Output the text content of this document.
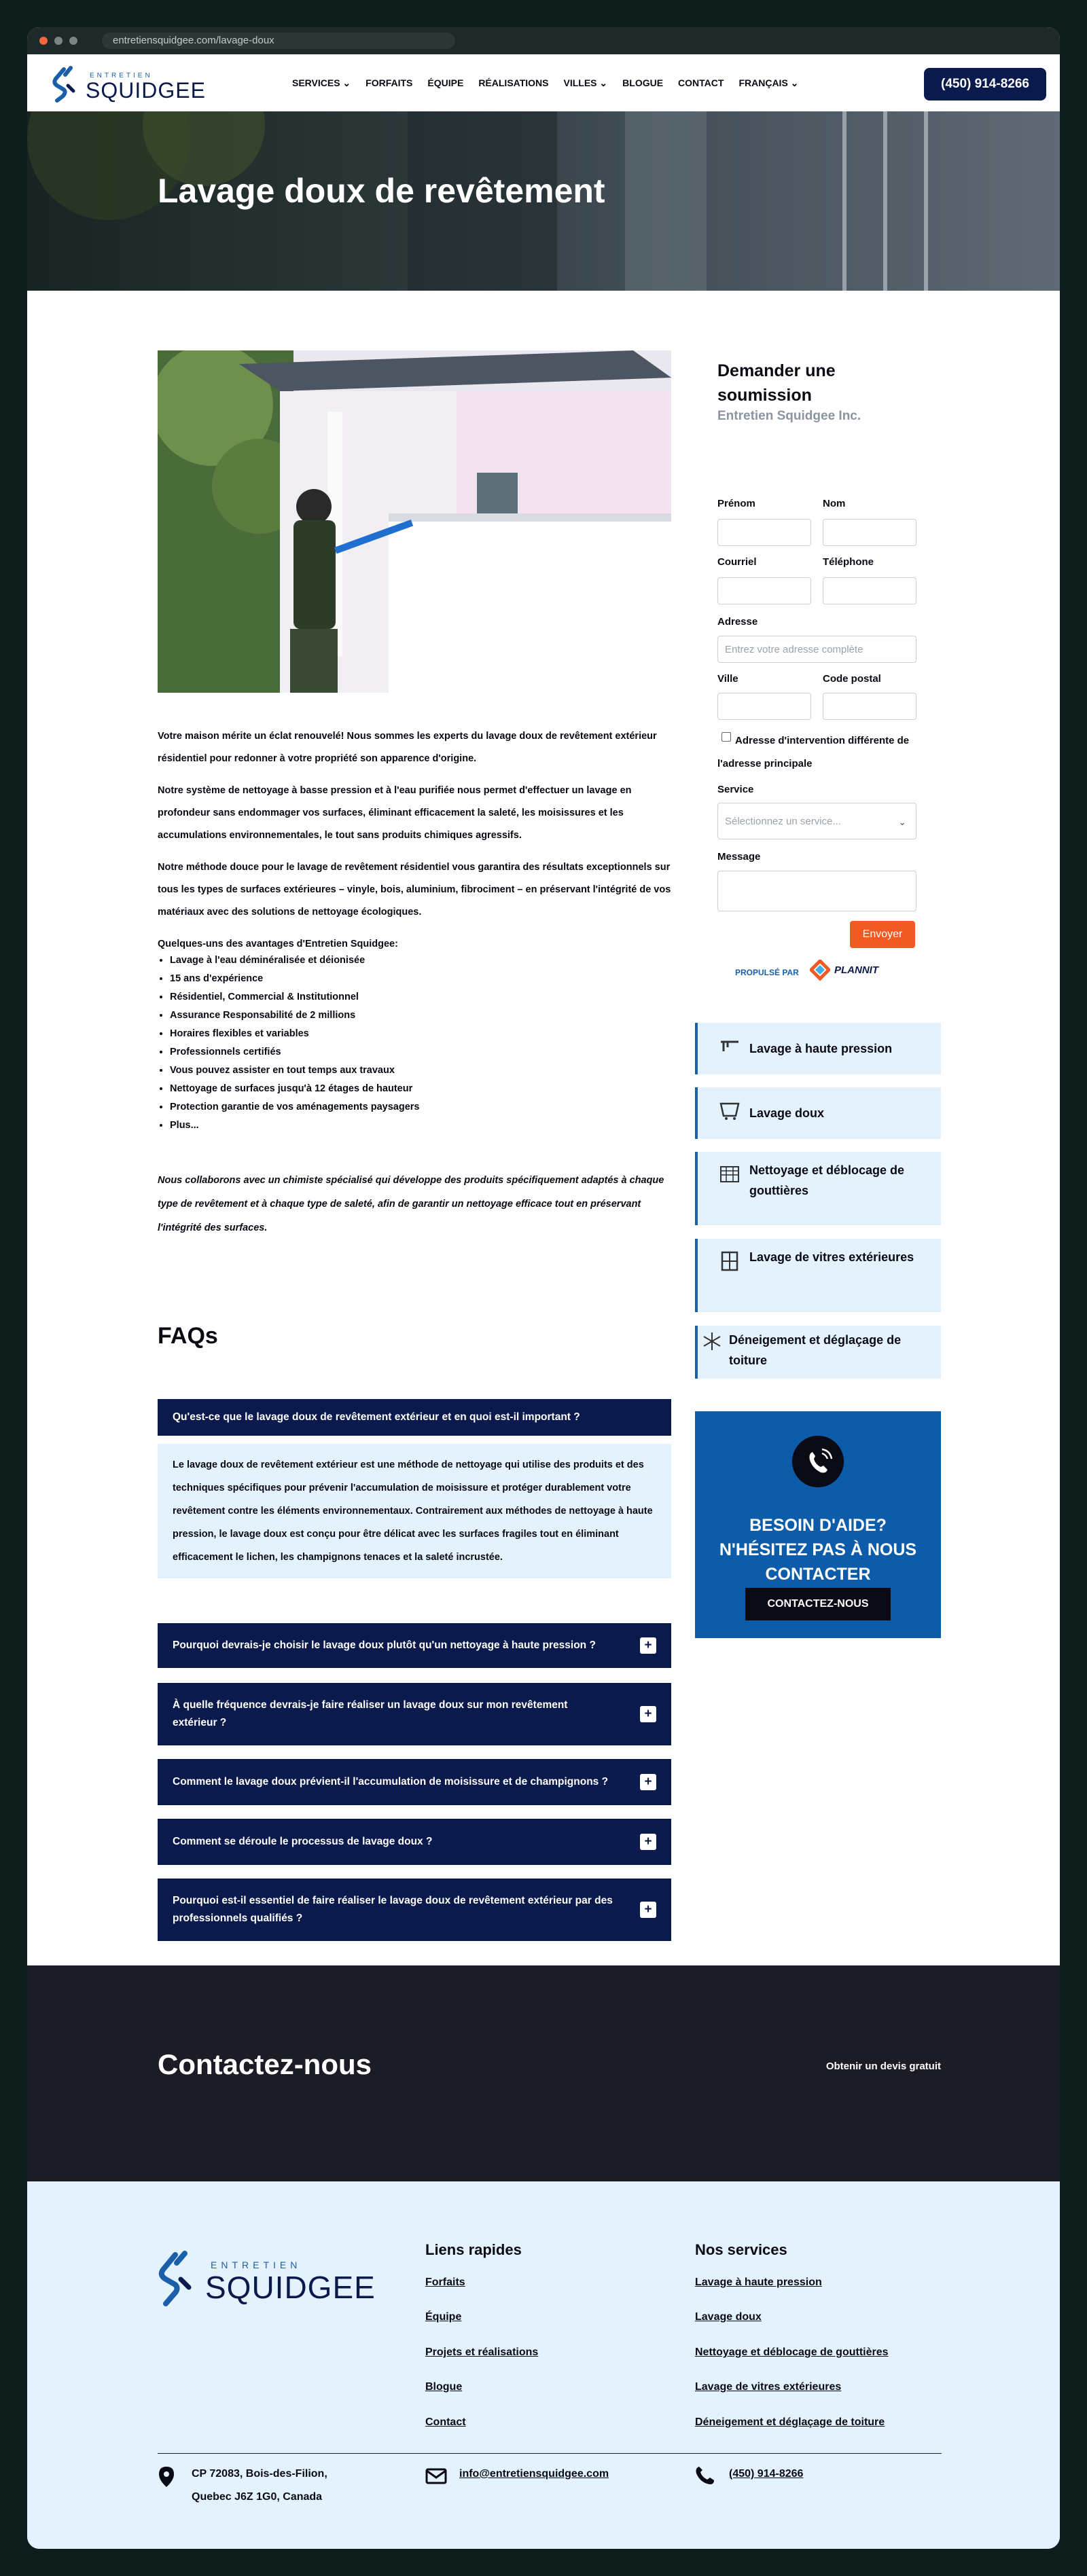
entretiensquidgee.com/lavage-doux
ENTRETIEN
SQUIDGEE	SERVICES ⌄ FORFAITS ÉQUIPE RÉALISATIONS VILLES ⌄ BLOGUE CONTACT FRANÇAIS ⌄	(450) 914-8266
Lavage doux de revêtement

Votre maison mérite un éclat renouvelé! Nous sommes les experts du lavage doux de revêtement extérieur résidentiel pour redonner à votre propriété son apparence d'origine.

Notre système de nettoyage à basse pression et à l'eau purifiée nous permet d'effectuer un lavage en profondeur sans endommager vos surfaces, éliminant efficacement la saleté, les moisissures et les accumulations environnementales, le tout sans produits chimiques agressifs.

Notre méthode douce pour le lavage de revêtement résidentiel vous garantira des résultats exceptionnels sur tous les types de surfaces extérieures – vinyle, bois, aluminium, fibrociment – en préservant l'intégrité de vos matériaux avec des solutions de nettoyage écologiques.

Quelques-uns des avantages d'Entretien Squidgee:

• Lavage à l'eau déminéralisée et déionisée
• 15 ans d'expérience
• Résidentiel, Commercial & Institutionnel
• Assurance Responsabilité de 2 millions
• Horaires flexibles et variables
• Professionnels certifiés
• Vous pouvez assister en tout temps aux travaux
• Nettoyage de surfaces jusqu'à 12 étages de hauteur
• Protection garantie de vos aménagements paysagers
• Plus...

Nous collaborons avec un chimiste spécialisé qui développe des produits spécifiquement adaptés à chaque type de revêtement et à chaque type de saleté, afin de garantir un nettoyage efficace tout en préservant l'intégrité des surfaces.

FAQs
Qu'est-ce que le lavage doux de revêtement extérieur et en quoi est-il important ?
Le lavage doux de revêtement extérieur est une méthode de nettoyage qui utilise des produits et des techniques spécifiques pour prévenir l'accumulation de moisissure et protéger durablement votre revêtement contre les éléments environnementaux. Contrairement aux méthodes de nettoyage à haute pression, le lavage doux est conçu pour être délicat avec les surfaces fragiles tout en éliminant efficacement le lichen, les champignons tenaces et la saleté incrustée.
Pourquoi devrais-je choisir le lavage doux plutôt qu'un nettoyage à haute pression ?	+
À quelle fréquence devrais-je faire réaliser un lavage doux sur mon revêtement extérieur ?
+
Comment le lavage doux prévient-il l'accumulation de moisissure et de champignons ?	+
Comment se déroule le processus de lavage doux ?	+
Pourquoi est-il essentiel de faire réaliser le lavage doux de revêtement extérieur par des professionnels qualifiés ?
+
Demander une soumission
Entretien Squidgee Inc.
Prénom	Nom
Courriel	Téléphone
Adresse
Entrez votre adresse complète
Ville	Code postal
Adresse d'intervention différente de l'adresse principale
Service
Sélectionnez un service...	⌄
Message
Envoyer
PROPULSÉ PAR	PLANNIT
Lavage à haute pression
Lavage doux
Nettoyage et déblocage de gouttières
Lavage de vitres extérieures
Déneigement et déglaçage de toiture
BESOIN D'AIDE? N'HÉSITEZ PAS À NOUS CONTACTER
CONTACTEZ-NOUS
Contactez-nous	Obtenir un devis gratuit
ENTRETIEN
SQUIDGEE
Liens rapides
Forfaits
Équipe
Projets et réalisations
Blogue
Contact
Nos services
Lavage à haute pression
Lavage doux
Nettoyage et déblocage de gouttières
Lavage de vitres extérieures
Déneigement et déglaçage de toiture
CP 72083, Bois-des-Filion,
Quebec J6Z 1G0, Canada
info@entretiensquidgee.com	(450) 914-8266
